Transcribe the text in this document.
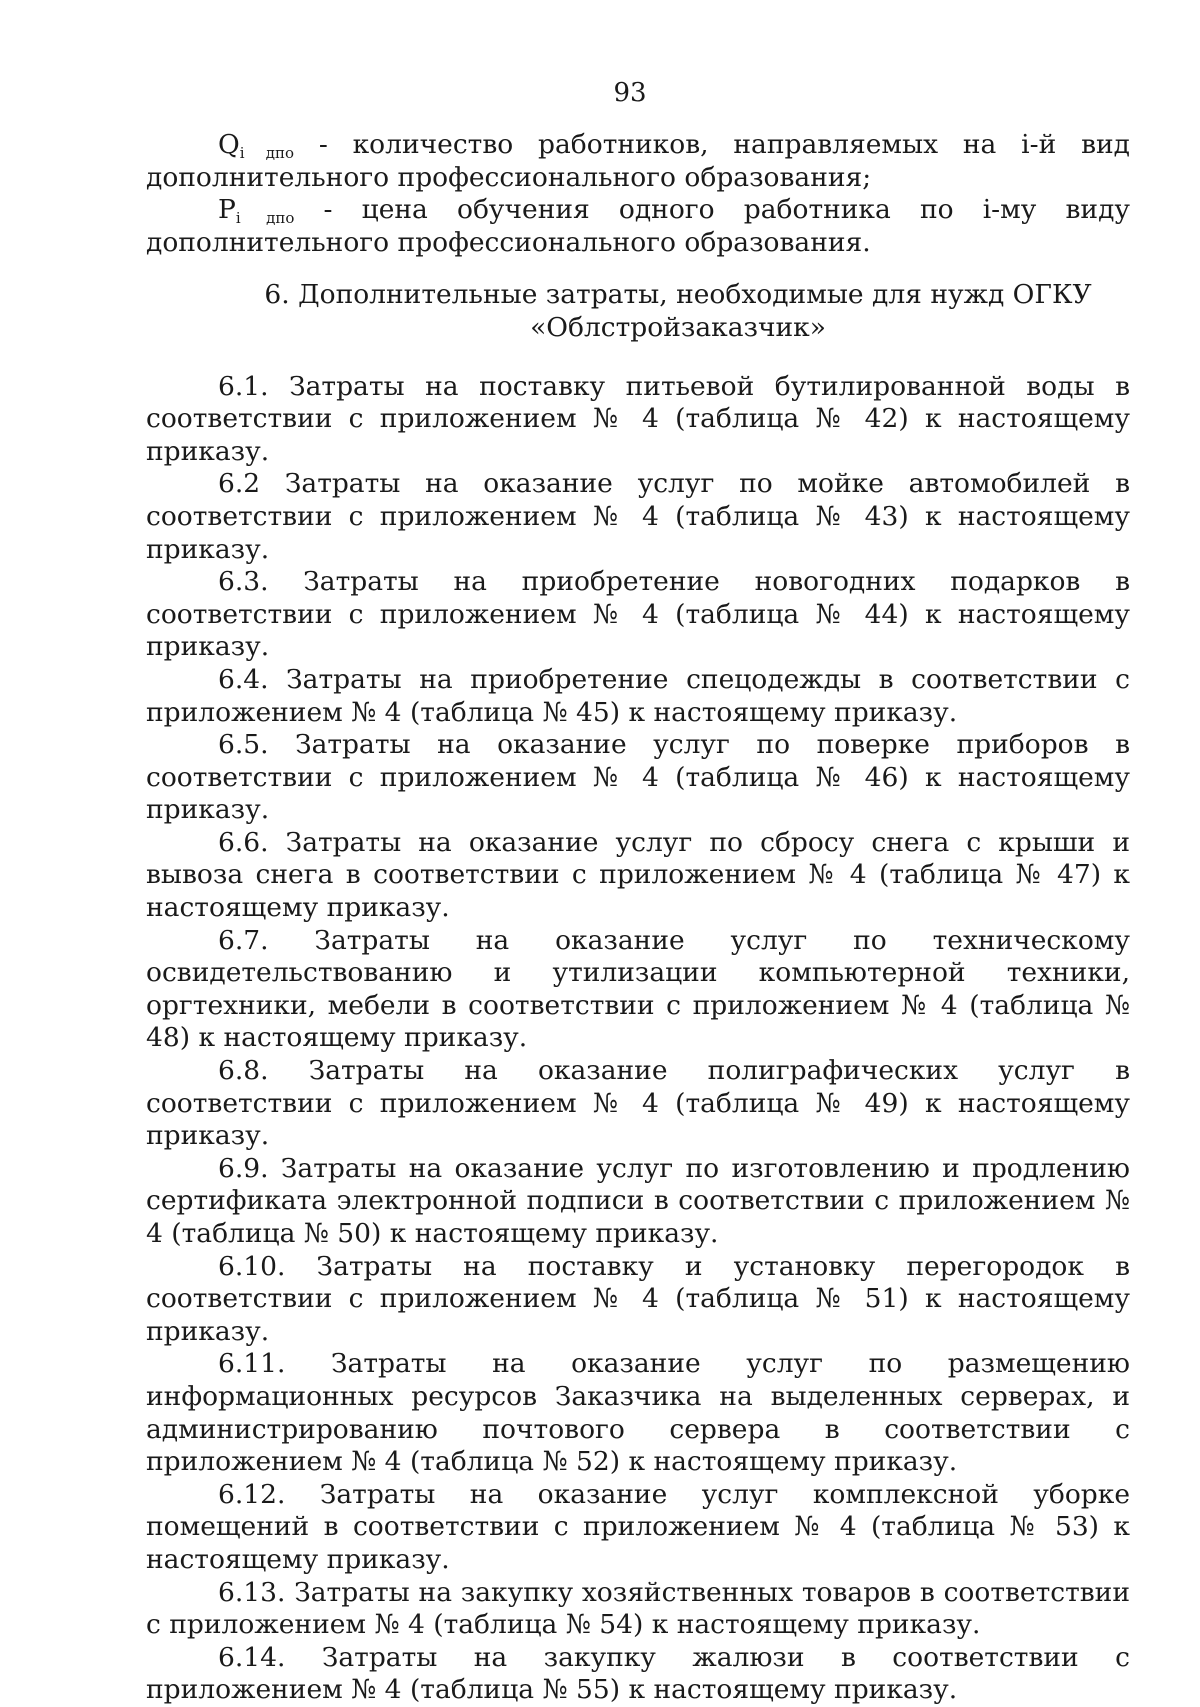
93

$Q_{i дпо}$ - количество работников, направляемых на i-й вид дополнительного профессионального образования;

$P_{i дпо}$ - цена обучения одного работника по i-му виду дополнительного профессионального образования.

6. Дополнительные затраты, необходимые для нужд ОГКУ
«Облстройзаказчик»

6.1. Затраты на поставку питьевой бутилированной воды в соответствии с приложением № 4 (таблица № 42) к настоящему приказу.

6.2 Затраты на оказание услуг по мойке автомобилей в соответствии с приложением № 4 (таблица № 43) к настоящему приказу.

6.3. Затраты на приобретение новогодних подарков в соответствии с приложением № 4 (таблица № 44) к настоящему приказу.

6.4. Затраты на приобретение спецодежды в соответствии с приложением № 4 (таблица № 45) к настоящему приказу.

6.5. Затраты на оказание услуг по поверке приборов в соответствии с приложением № 4 (таблица № 46) к настоящему приказу.

6.6. Затраты на оказание услуг по сбросу снега с крыши и вывоза снега в соответствии с приложением № 4 (таблица № 47) к настоящему приказу.

6.7. Затраты на оказание услуг по техническому освидетельствованию и утилизации компьютерной техники, оргтехники, мебели в соответствии с приложением № 4 (таблица № 48) к настоящему приказу.

6.8. Затраты на оказание полиграфических услуг в соответствии с приложением № 4 (таблица № 49) к настоящему приказу.

6.9. Затраты на оказание услуг по изготовлению и продлению сертификата электронной подписи в соответствии с приложением № 4 (таблица № 50) к настоящему приказу.

6.10. Затраты на поставку и установку перегородок в соответствии с приложением № 4 (таблица № 51) к настоящему приказу.

6.11. Затраты на оказание услуг по размещению информационных ресурсов Заказчика на выделенных серверах, и администрированию почтового сервера в соответствии с приложением № 4 (таблица № 52) к настоящему приказу.

6.12. Затраты на оказание услуг комплексной уборке помещений в соответствии с приложением № 4 (таблица № 53) к настоящему приказу.

6.13. Затраты на закупку хозяйственных товаров в соответствии с приложением № 4 (таблица № 54) к настоящему приказу.

6.14. Затраты на закупку жалюзи в соответствии с приложением № 4 (таблица № 55) к настоящему приказу.
